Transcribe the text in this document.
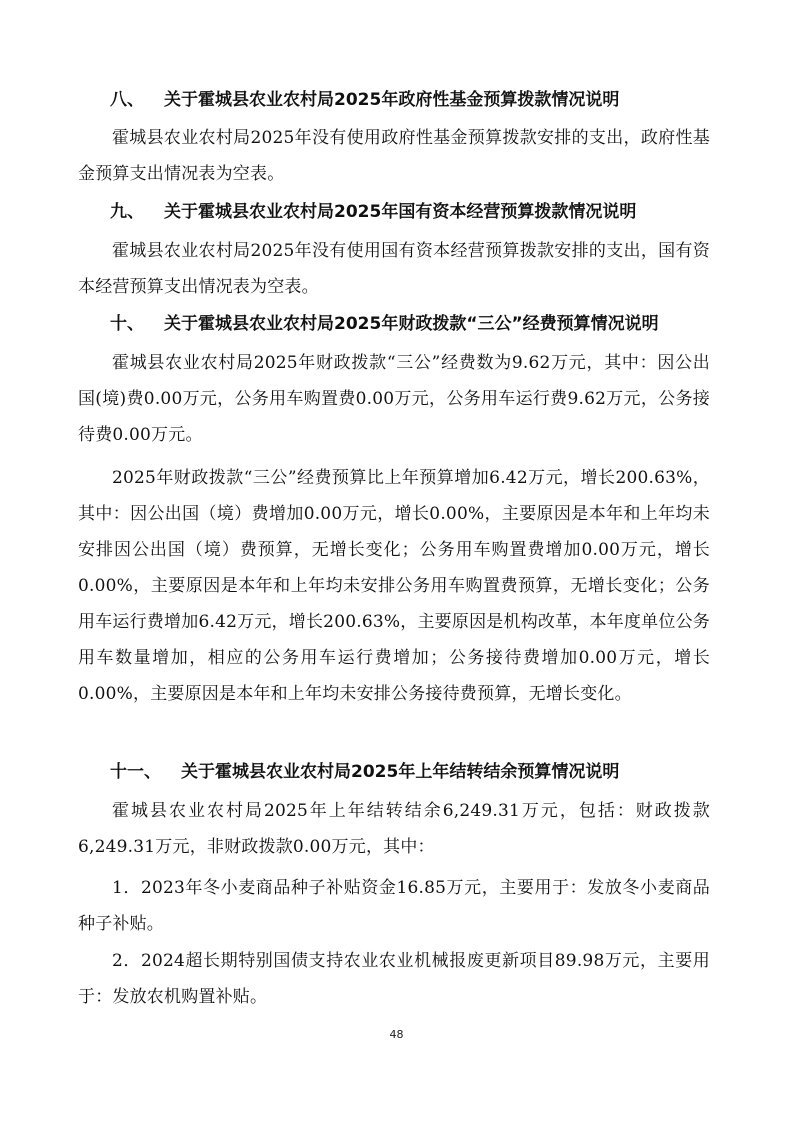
八、 关于霍城县农业农村局2025年政府性基金预算拨款情况说明
霍城县农业农村局2025年没有使用政府性基金预算拨款安排的支出，政府性基金预算支出情况表为空表。
九、 关于霍城县农业农村局2025年国有资本经营预算拨款情况说明
霍城县农业农村局2025年没有使用国有资本经营预算拨款安排的支出，国有资本经营预算支出情况表为空表。
十、 关于霍城县农业农村局2025年财政拨款“三公”经费预算情况说明
霍城县农业农村局2025年财政拨款“三公”经费数为9.62万元，其中：因公出国(境)费0.00万元，公务用车购置费0.00万元，公务用车运行费9.62万元，公务接待费0.00万元。
2025年财政拨款“三公”经费预算比上年预算增加6.42万元，增长200.63%，其中：因公出国（境）费增加0.00万元，增长0.00%，主要原因是本年和上年均未安排因公出国（境）费预算，无增长变化；公务用车购置费增加0.00万元，增长0.00%，主要原因是本年和上年均未安排公务用车购置费预算，无增长变化；公务用车运行费增加6.42万元，增长200.63%，主要原因是机构改革，本年度单位公务用车数量增加，相应的公务用车运行费增加；公务接待费增加0.00万元，增长0.00%，主要原因是本年和上年均未安排公务接待费预算，无增长变化。
十一、 关于霍城县农业农村局2025年上年结转结余预算情况说明
霍城县农业农村局2025年上年结转结余6,249.31万元，包括：财政拨款6,249.31万元，非财政拨款0.00万元，其中：
1．2023年冬小麦商品种子补贴资金16.85万元，主要用于：发放冬小麦商品种子补贴。
2．2024超长期特别国债支持农业农业机械报废更新项目89.98万元，主要用于：发放农机购置补贴。
48
